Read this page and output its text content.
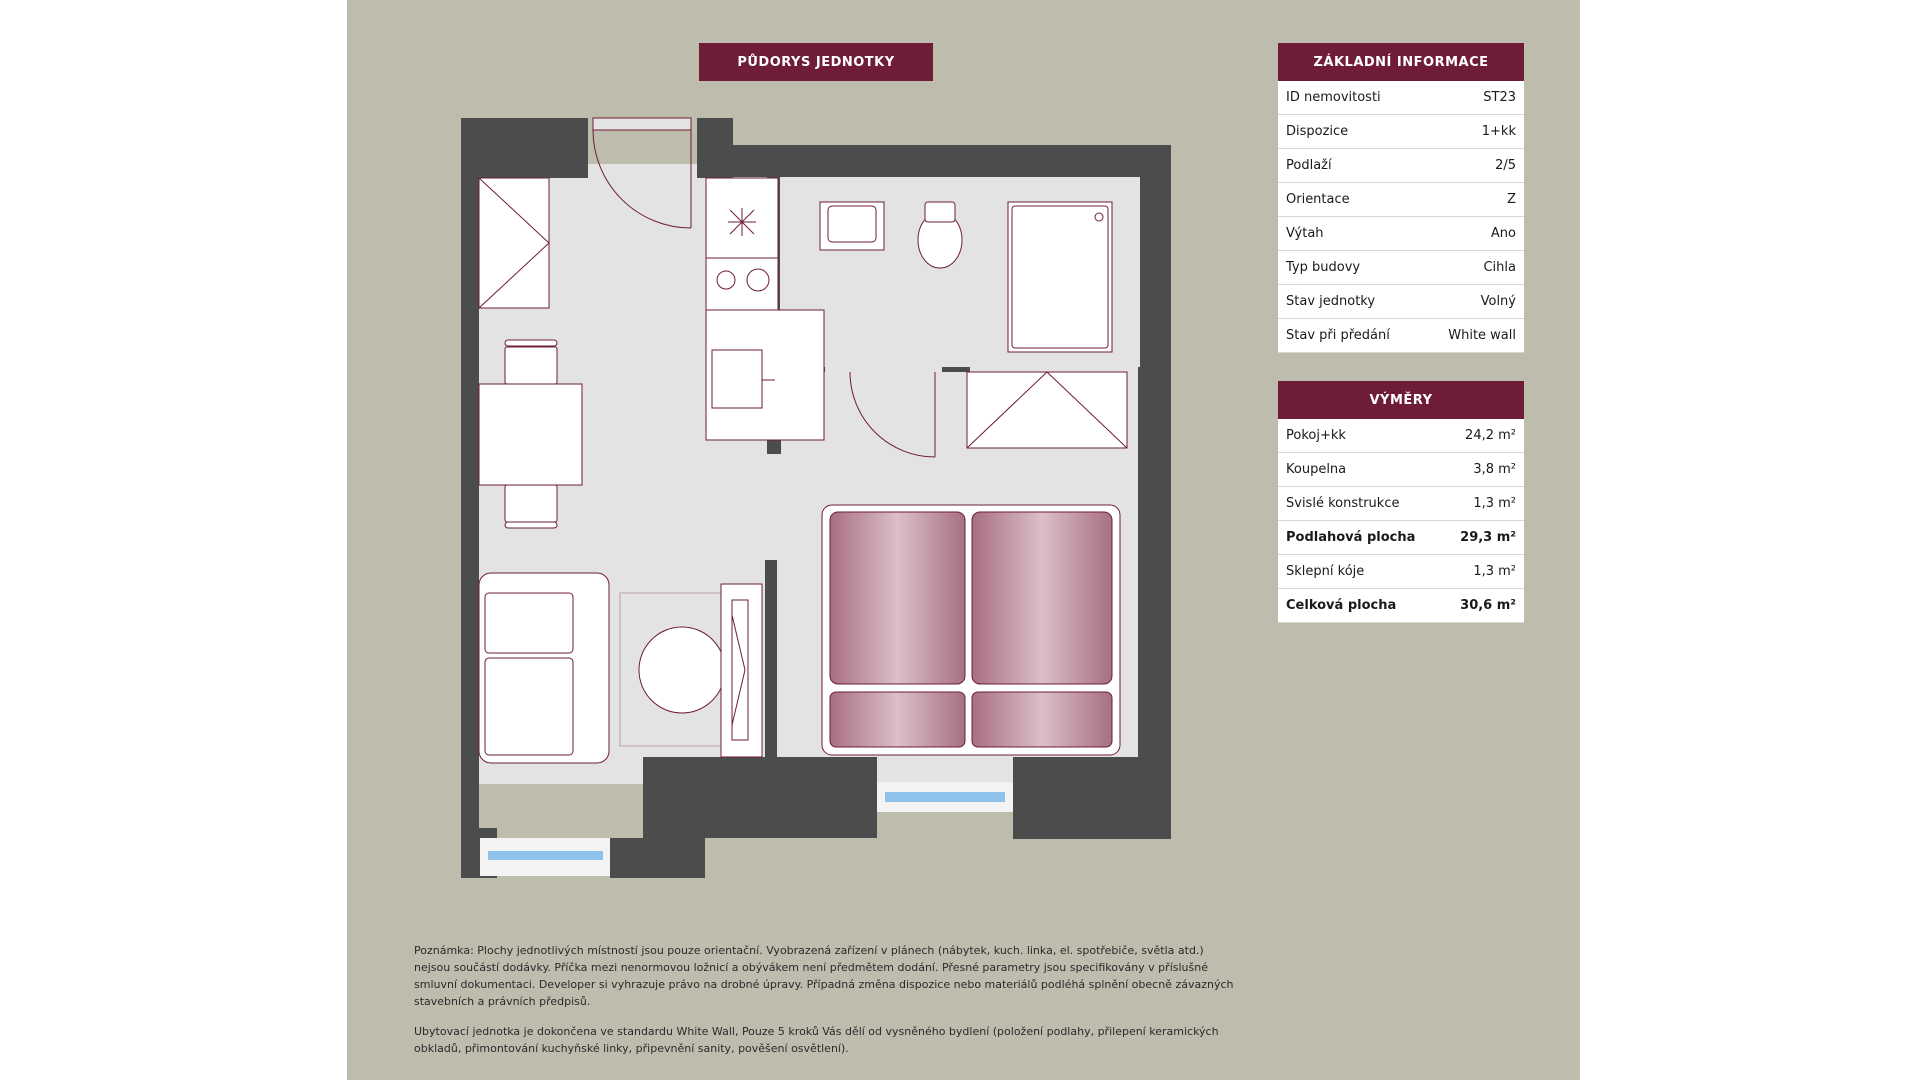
PŮDORYS JEDNOTKY	ZÁKLADNÍ INFORMACE
ID nemovitosti	ST23
Dispozice	1+kk
Podlaží	2/5
Orientace	Z
Výtah	Ano
Typ budovy	Cihla
Stav jednotky	Volný
Stav při předání	White wall
VÝMĚRY
Pokoj+kk	24,2 m²
Koupelna	3,8 m²
Svislé konstrukce	1,3 m²
Podlahová plocha	29,3 m²
Sklepní kóje	1,3 m²
Celková plocha	30,6 m²
Poznámka: Plochy jednotlivých místností jsou pouze orientační. Vyobrazená zařízení v plánech (nábytek, kuch. linka, el. spotřebiče, světla atd.) nejsou součástí dodávky. Příčka mezi nenormovou ložnicí a obývákem není předmětem dodání. Přesné parametry jsou specifikovány v příslušné smluvní dokumentaci. Developer si vyhrazuje právo na drobné úpravy. Případná změna dispozice nebo materiálů podléhá splnění obecně závazných stavebních a právních předpisů.
Ubytovací jednotka je dokončena ve standardu White Wall, Pouze 5 kroků Vás dělí od vysněného bydlení (položení podlahy, přilepení keramických obkladů, přimontování kuchyňské linky, připevnění sanity, pověšení osvětlení).
